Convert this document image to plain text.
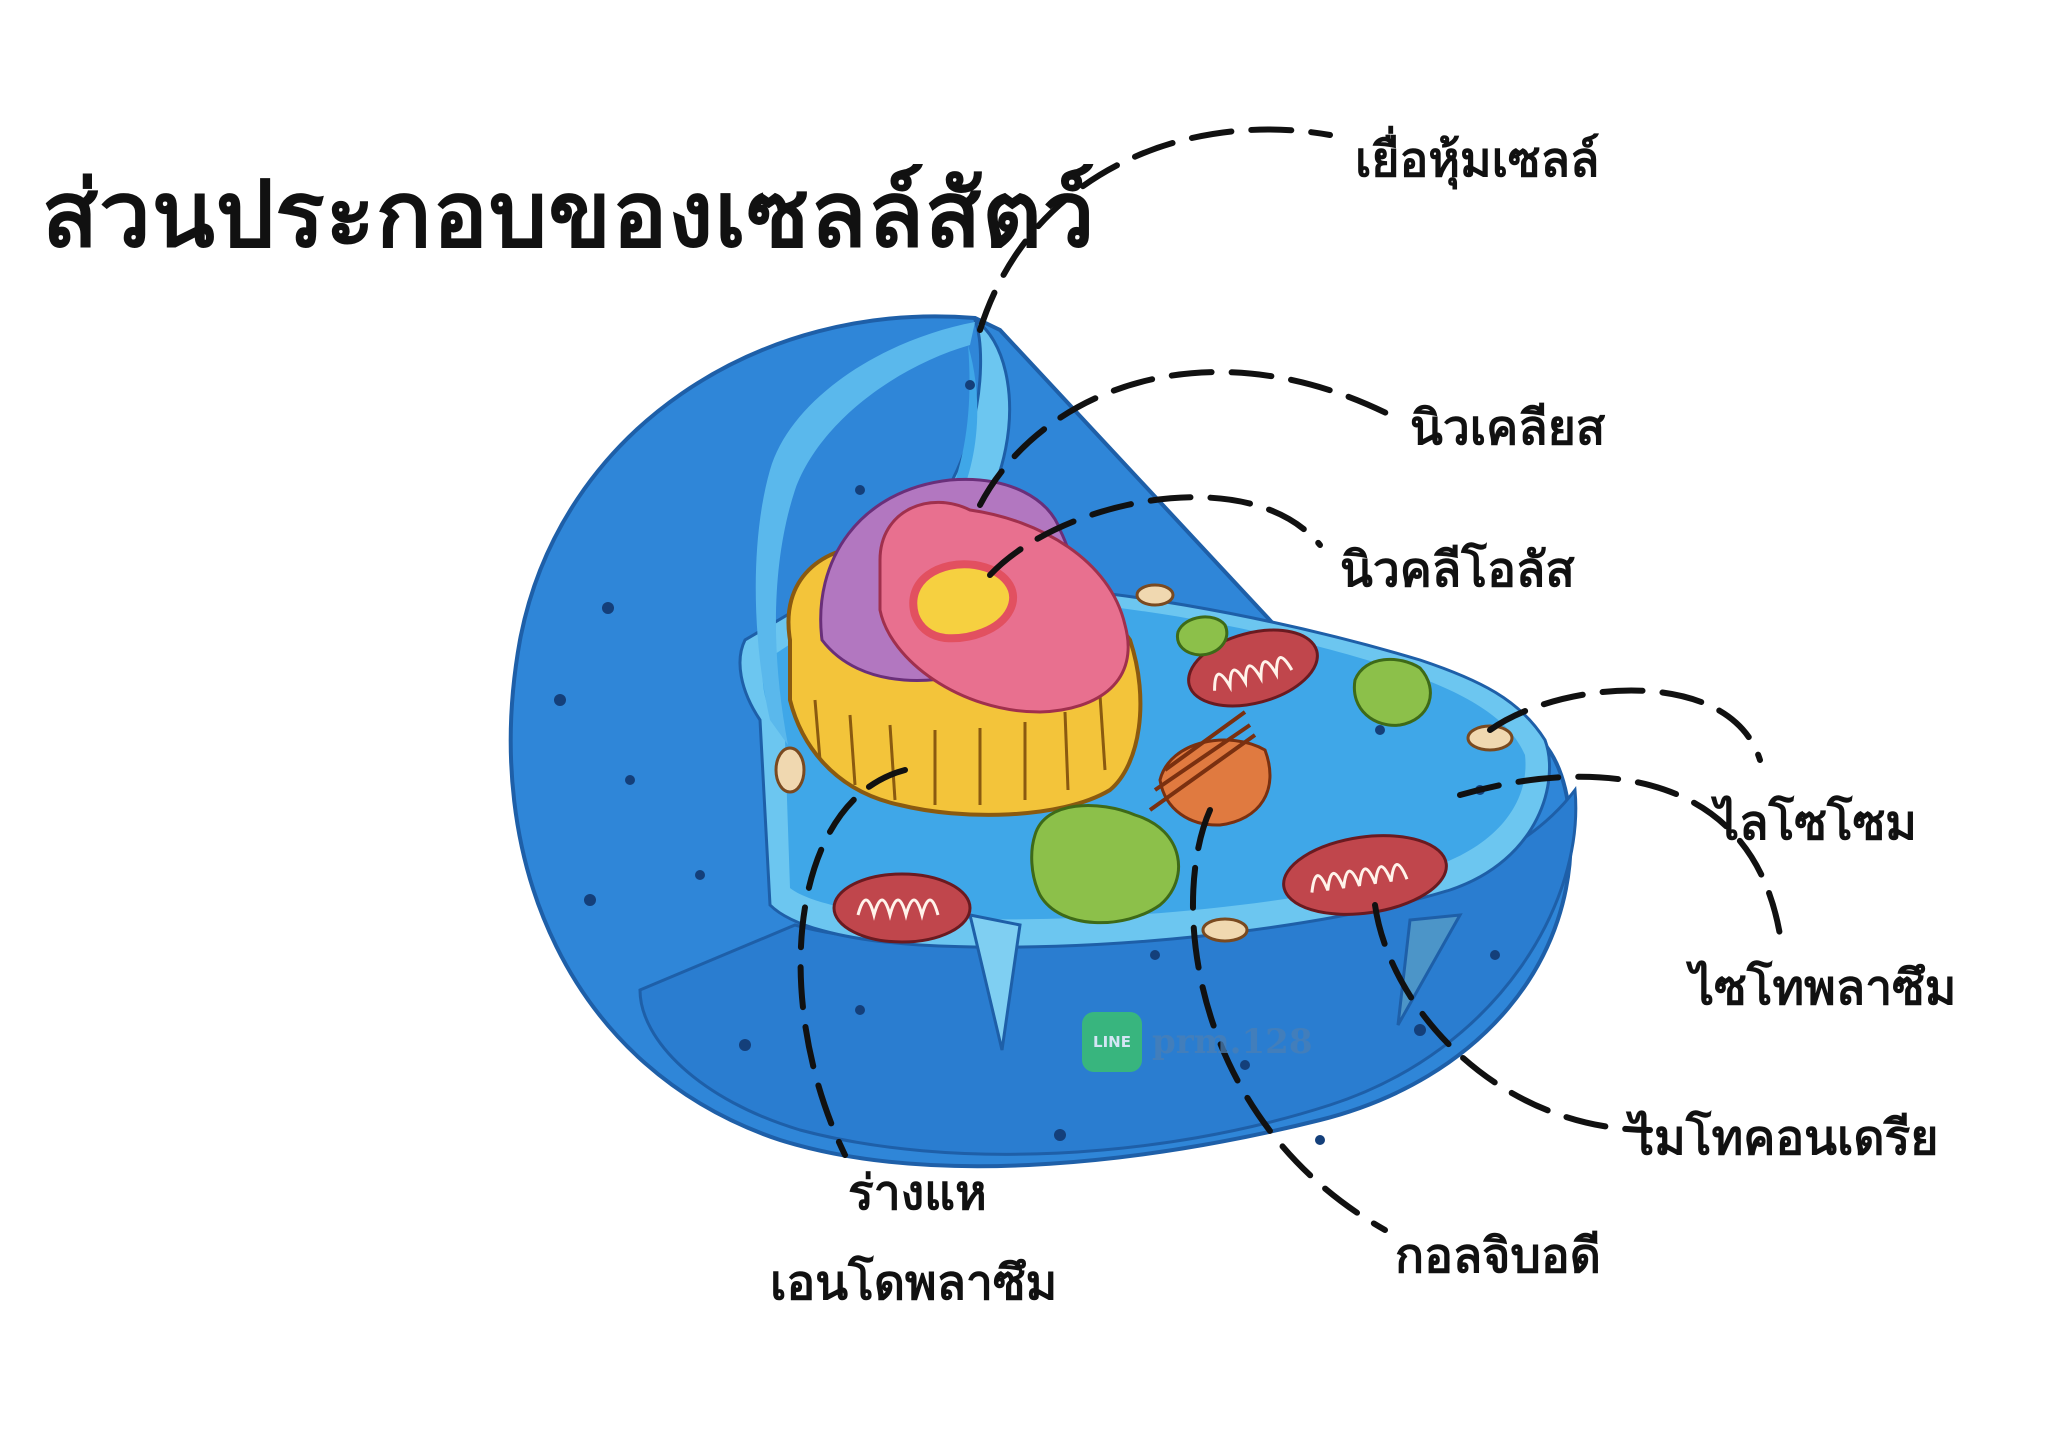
ส่วนประกอบของเซลล์สัตว์
เยื่อหุ้มเซลล์
นิวเคลียส
นิวคลีโอลัส
ไลโซโซม
ไซโทพลาซึม
ไมโทคอนเดรีย
กอลจิบอดี
ร่างแห
เอนโดพลาซึม
LINE prm.128
